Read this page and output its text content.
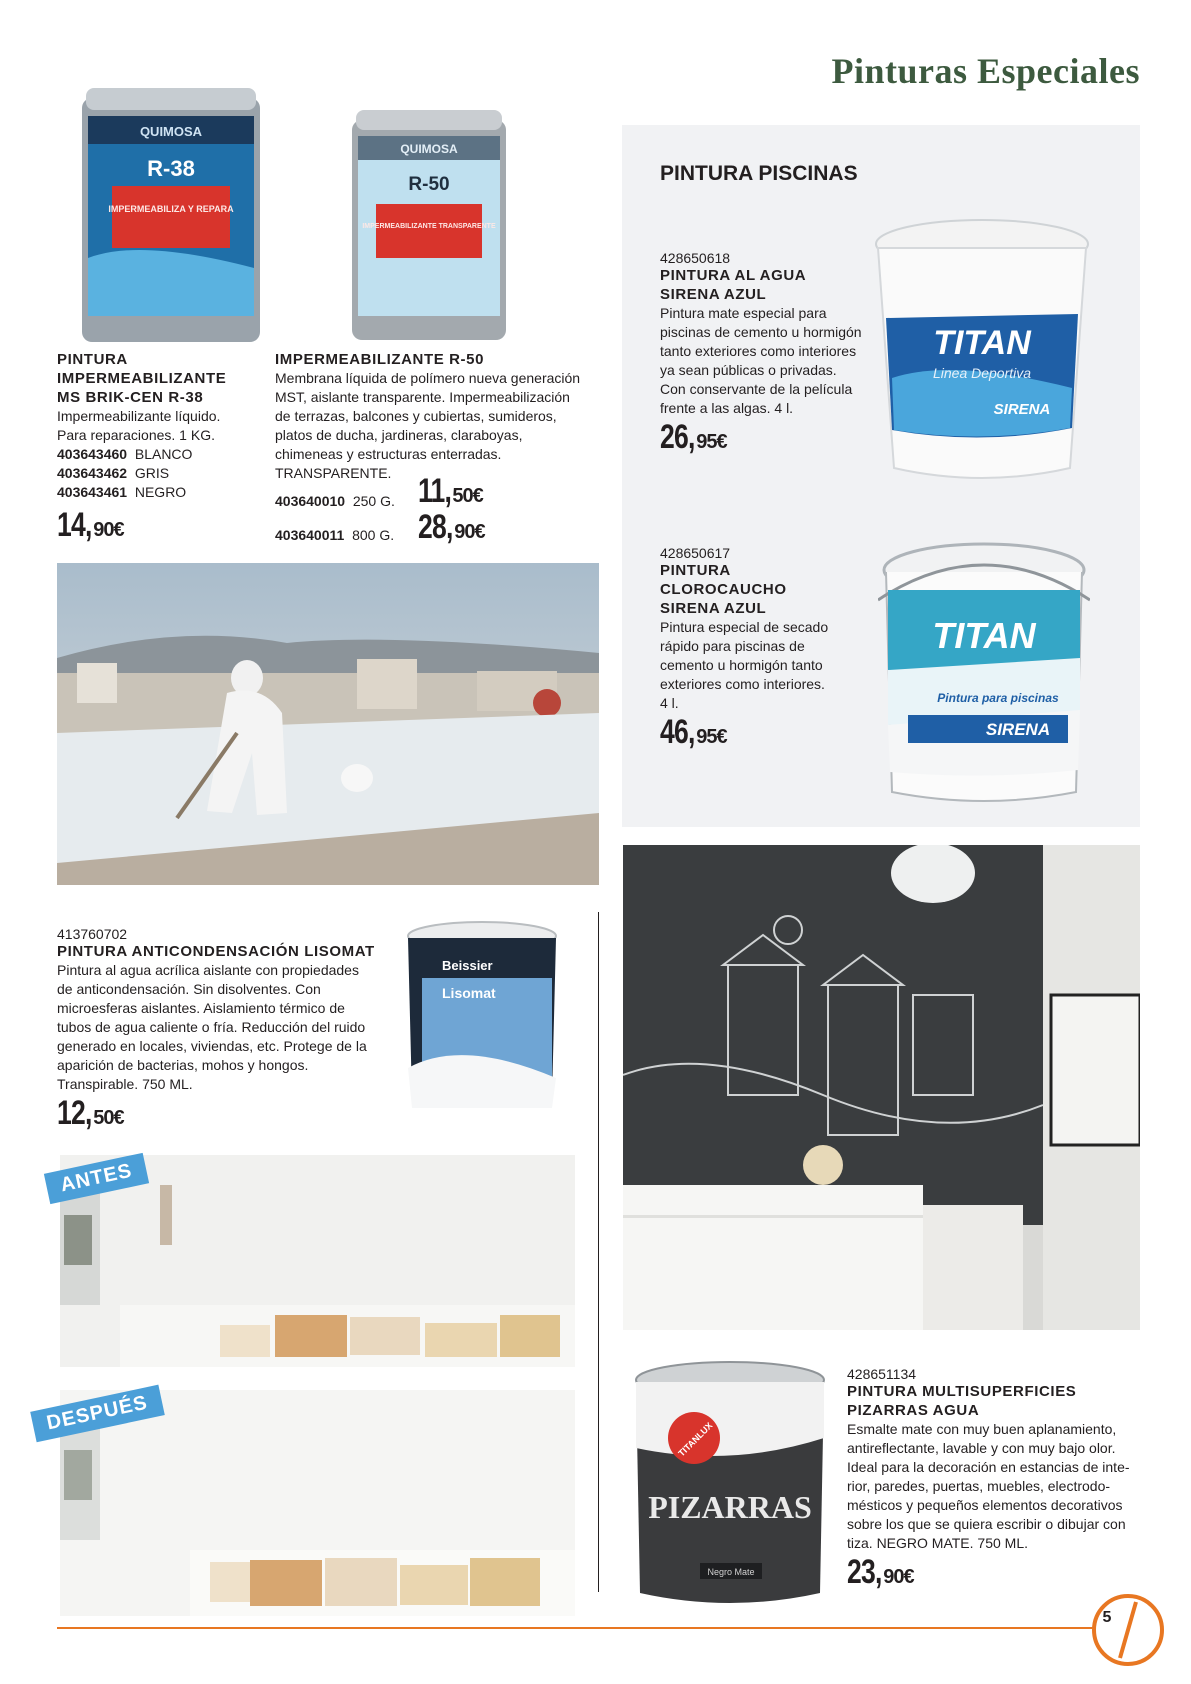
Pinturas Especiales
QUIMOSA
R-38
IMPERMEABILIZA Y REPARA
QUIMOSA
R-50
IMPERMEABILIZANTE TRANSPARENTE
PINTURA
IMPERMEABILIZANTE
MS BRIK-CEN R-38
Impermeabilizante líquido.
Para reparaciones. 1 KG.
403643460 BLANCO
403643462 GRIS
403643461 NEGRO
14,90€
IMPERMEABILIZANTE R-50
Membrana líquida de polímero nueva generación
MST, aislante transparente. Impermeabilización
de terrazas, balcones y cubiertas, sumideros,
platos de ducha, jardineras, claraboyas,
chimeneas y estructuras enterradas.
TRANSPARENTE.
403640010 250 G. 11,50€
403640011 800 G. 28,90€
PINTURA PISCINAS
428650618
PINTURA AL AGUA
SIRENA AZUL
Pintura mate especial para
piscinas de cemento u hormigón
tanto exteriores como interiores
ya sean públicas o privadas.
Con conservante de la película
frente a las algas. 4 l.
26,95€
TITAN
Linea Deportiva
SIRENA
428650617
PINTURA
CLOROCAUCHO
SIRENA AZUL
Pintura especial de secado
rápido para piscinas de
cemento u hormigón tanto
exteriores como interiores.
4 l.
46,95€
TITAN
Pintura para piscinas
SIRENA
413760702
PINTURA ANTICONDENSACIÓN LISOMAT
Pintura al agua acrílica aislante con propiedades
de anticondensación. Sin disolventes. Con
microesferas aislantes. Aislamiento térmico de
tubos de agua caliente o fría. Reducción del ruido
generado en locales, viviendas, etc. Protege de la
aparición de bacterias, mohos y hongos.
Transpirable. 750 ML.
12,50€
Beissier
Lisomat
ANTES
DESPUÉS
TITANLUX
PIZARRAS
Negro Mate
428651134
PINTURA MULTISUPERFICIES
PIZARRAS AGUA
Esmalte mate con muy buen aplanamiento,
antireflectante, lavable y con muy bajo olor.
Ideal para la decoración en estancias de inte-
rior, paredes, puertas, muebles, electrodo-
mésticos y pequeños elementos decorativos
sobre los que se quiera escribir o dibujar con
tiza. NEGRO MATE. 750 ML.
23,90€
5
